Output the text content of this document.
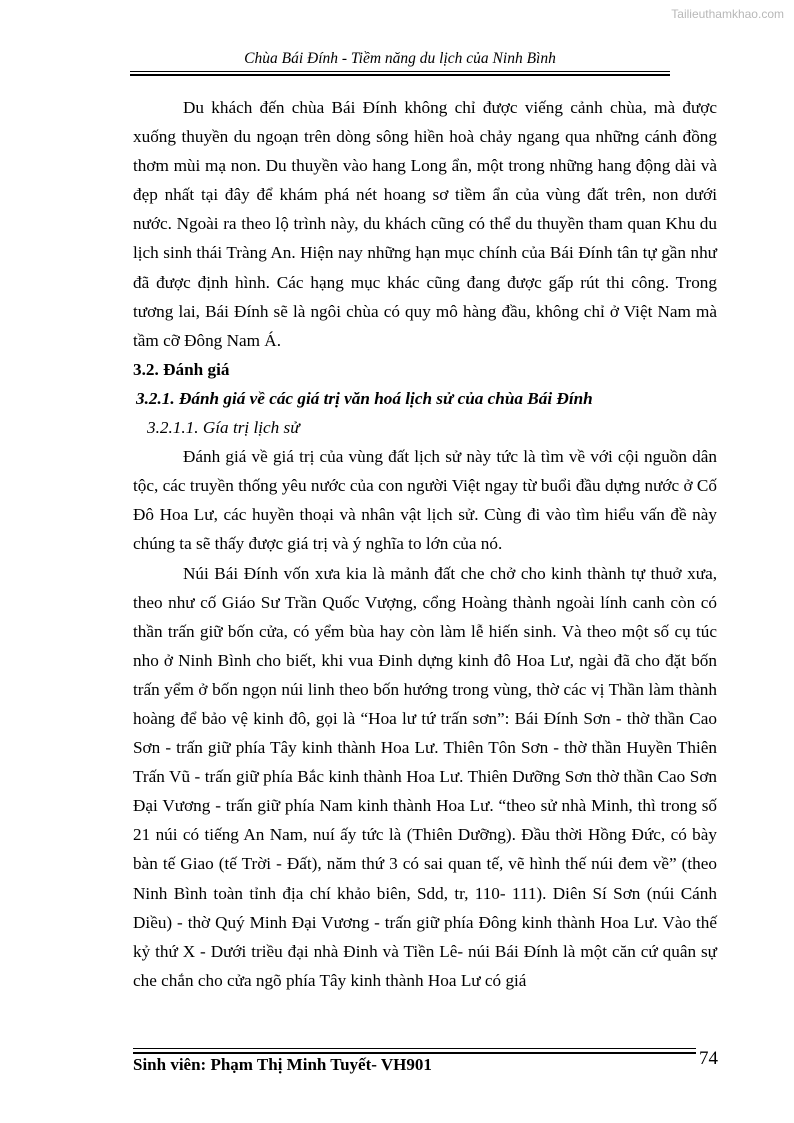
Tailieuthamkhao.com
Chùa Bái Đính - Tiềm năng du lịch của Ninh Bình

Du khách đến chùa Bái Đính không chỉ được viếng cảnh chùa, mà được xuống thuyền du ngoạn trên dòng sông hiền hoà chảy ngang qua những cánh đồng thơm mùi mạ non. Du thuyền vào hang Long ẩn, một trong những hang động dài và đẹp nhất tại đây để khám phá nét hoang sơ tiềm ẩn của vùng đất trên, non dưới nước. Ngoài ra theo lộ trình này, du khách cũng có thể du thuyền tham quan Khu du lịch sinh thái Tràng An. Hiện nay những hạn mục chính của Bái Đính tân tự gần như đã được định hình. Các hạng mục khác cũng đang được gấp rút thi công. Trong tương lai, Bái Đính sẽ là ngôi chùa có quy mô hàng đầu, không chỉ ở Việt Nam mà tầm cỡ Đông Nam Á.

3.2. Đánh giá

3.2.1. Đánh giá về các giá trị văn hoá lịch sử của chùa Bái Đính

3.2.1.1. Gía trị lịch sử

Đánh giá về giá trị của vùng đất lịch sử này tức là tìm về với cội nguồn dân tộc, các truyền thống yêu nước của con người Việt ngay từ buổi đầu dựng nước ở Cố Đô Hoa Lư, các huyền thoại và nhân vật lịch sử. Cùng đi vào tìm hiểu vấn đề này chúng ta sẽ thấy được giá trị và ý nghĩa to lớn của nó.

Núi Bái Đính vốn xưa kia là mảnh đất che chở cho kinh thành tự thuở xưa, theo như cố Giáo Sư Trần Quốc Vượng, cổng Hoàng thành ngoài lính canh còn có thần trấn giữ bốn cửa, có yểm bùa hay còn làm lễ hiến sinh. Và theo một số cụ túc nho ở Ninh Bình cho biết, khi vua Đinh dựng kinh đô Hoa Lư, ngài đã cho đặt bốn trấn yểm ở bốn ngọn núi linh theo bốn hướng trong vùng, thờ các vị Thần làm thành hoàng để bảo vệ kinh đô, gọi là “Hoa lư tứ trấn sơn”: Bái Đính Sơn - thờ thần Cao Sơn - trấn giữ phía Tây kinh thành Hoa Lư. Thiên Tôn Sơn - thờ thần Huyền Thiên Trấn Vũ - trấn giữ phía Bắc kinh thành Hoa Lư. Thiên Dưỡng Sơn thờ thần Cao Sơn Đại Vương - trấn giữ phía Nam kinh thành Hoa Lư. “theo sử nhà Minh, thì trong số 21 núi có tiếng An Nam, nuí ấy tức là (Thiên Dưỡng). Đầu thời Hồng Đức, có bày bàn tế Giao (tế Trời - Đất), năm thứ 3 có sai quan tế, vẽ hình thế núi đem về” (theo Ninh Bình toàn tỉnh địa chí khảo biên, Sdd, tr, 110- 111). Diên Sí Sơn (núi Cánh Diều) - thờ Quý Minh Đại Vương - trấn giữ phía Đông kinh thành Hoa Lư. Vào thế kỷ thứ X - Dưới triều đại nhà Đinh và Tiền Lê- núi Bái Đính là một căn cứ quân sự che chắn cho cửa ngõ phía Tây kinh thành Hoa Lư có giá

Sinh viên: Phạm Thị Minh Tuyết- VH901	74
